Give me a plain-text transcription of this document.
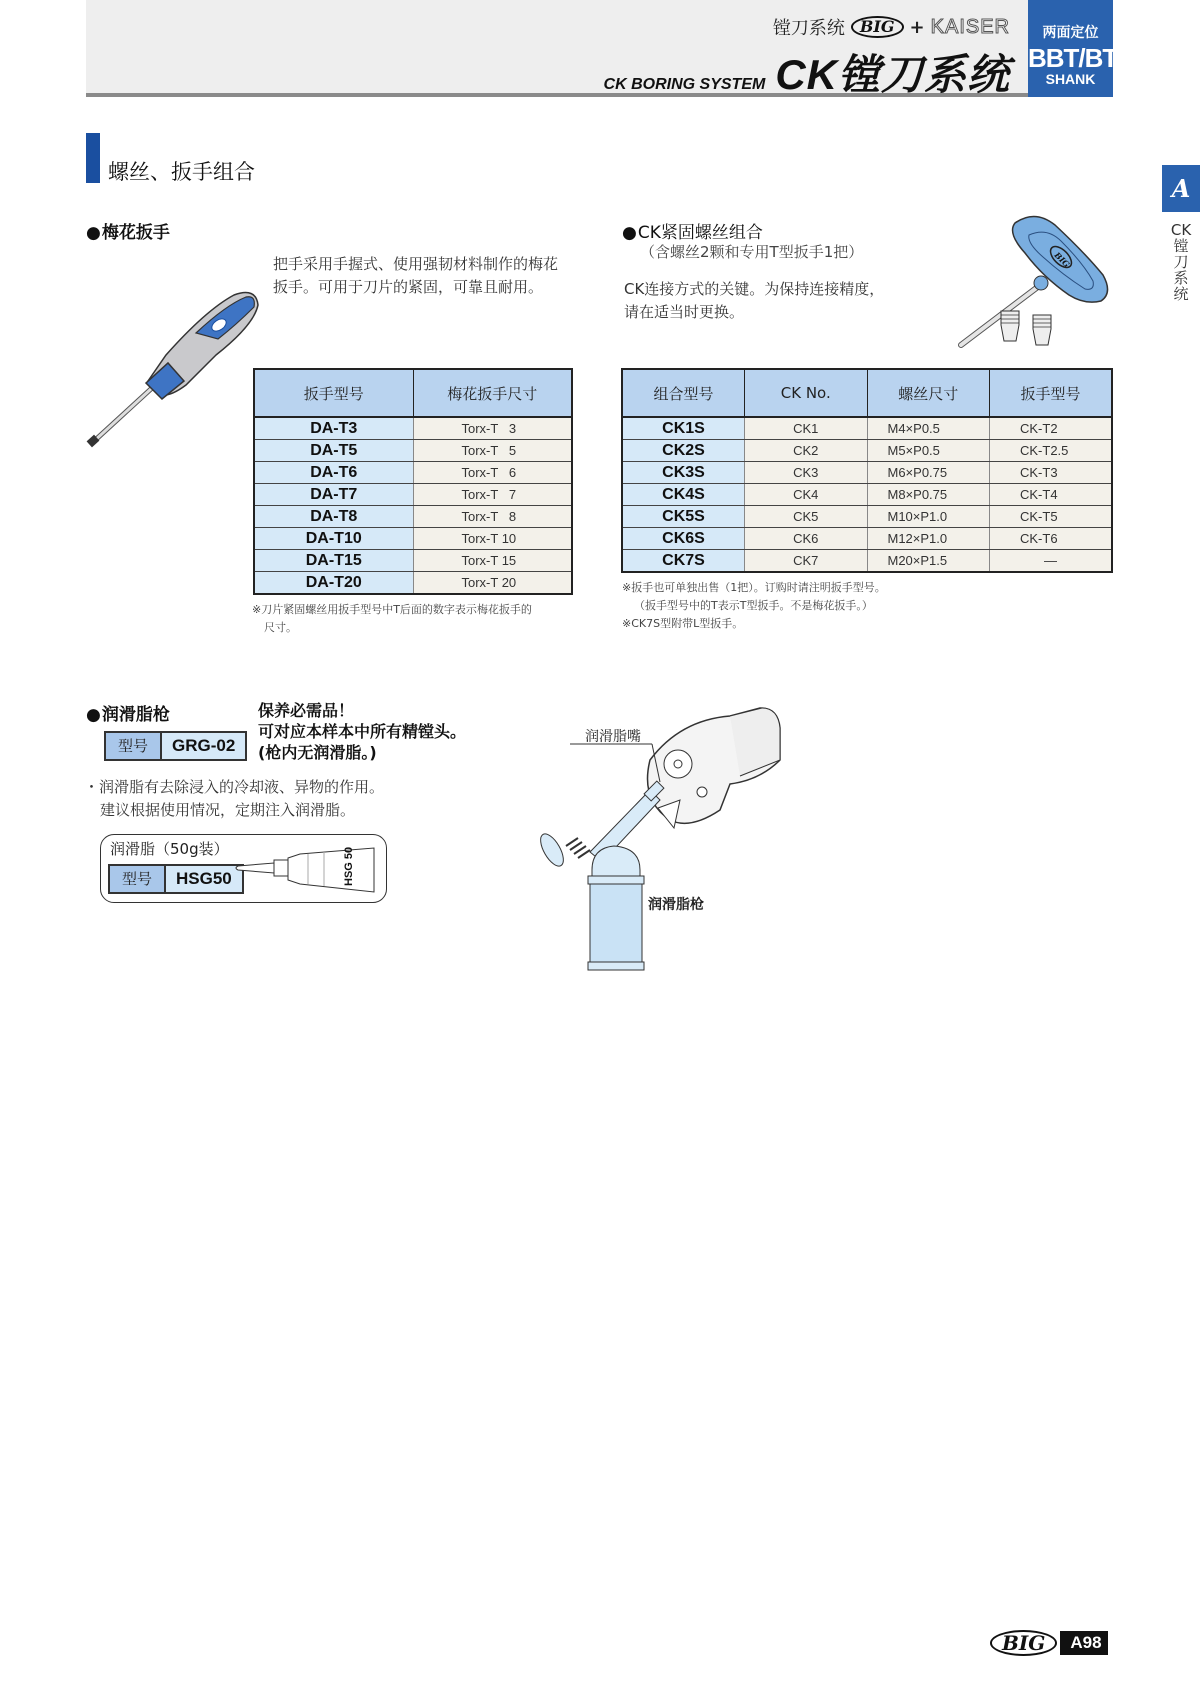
镗刀系统 BIG + KAISER
CK BORING SYSTEM CK镗刀系统
两面定位
BBT/BT
SHANK
A
CK镗刀系统
螺丝、扳手组合
● 梅花扳手
把手采用手握式、使用强韧材料制作的梅花
扳手。可用于刀片的紧固，可靠且耐用。
扳手型号	梅花扳手尺寸
DA-T3	Torx-T   3
DA-T5	Torx-T   5
DA-T6	Torx-T   6
DA-T7	Torx-T   7
DA-T8	Torx-T   8
DA-T10	Torx-T 10
DA-T15	Torx-T 15
DA-T20	Torx-T 20
※刀片紧固螺丝用扳手型号中T后面的数字表示梅花扳手的
尺寸。
● CK紧固螺丝组合
（含螺丝2颗和专用T型扳手1把）
CK连接方式的关键。为保持连接精度，
请在适当时更换。
BIG
组合型号	CK No.	螺丝尺寸	扳手型号
CK1S	CK1	M4×P0.5	CK-T2
CK2S	CK2	M5×P0.5	CK-T2.5
CK3S	CK3	M6×P0.75	CK-T3
CK4S	CK4	M8×P0.75	CK-T4
CK5S	CK5	M10×P1.0	CK-T5
CK6S	CK6	M12×P1.0	CK-T6
CK7S	CK7	M20×P1.5	—
※扳手也可单独出售（1把）。订购时请注明扳手型号。
（扳手型号中的T表示T型扳手。不是梅花扳手。）
※CK7S型附带L型扳手。
● 润滑脂枪
型号	GRG-02
保养必需品！
可对应本样本中所有精镗头。
(枪内无润滑脂。)
・润滑脂有去除浸入的冷却液、异物的作用。
建议根据使用情况，定期注入润滑脂。
润滑脂（50g装）
型号	HSG50	HSG 50
润滑脂嘴
润滑脂枪
BIG	A98
